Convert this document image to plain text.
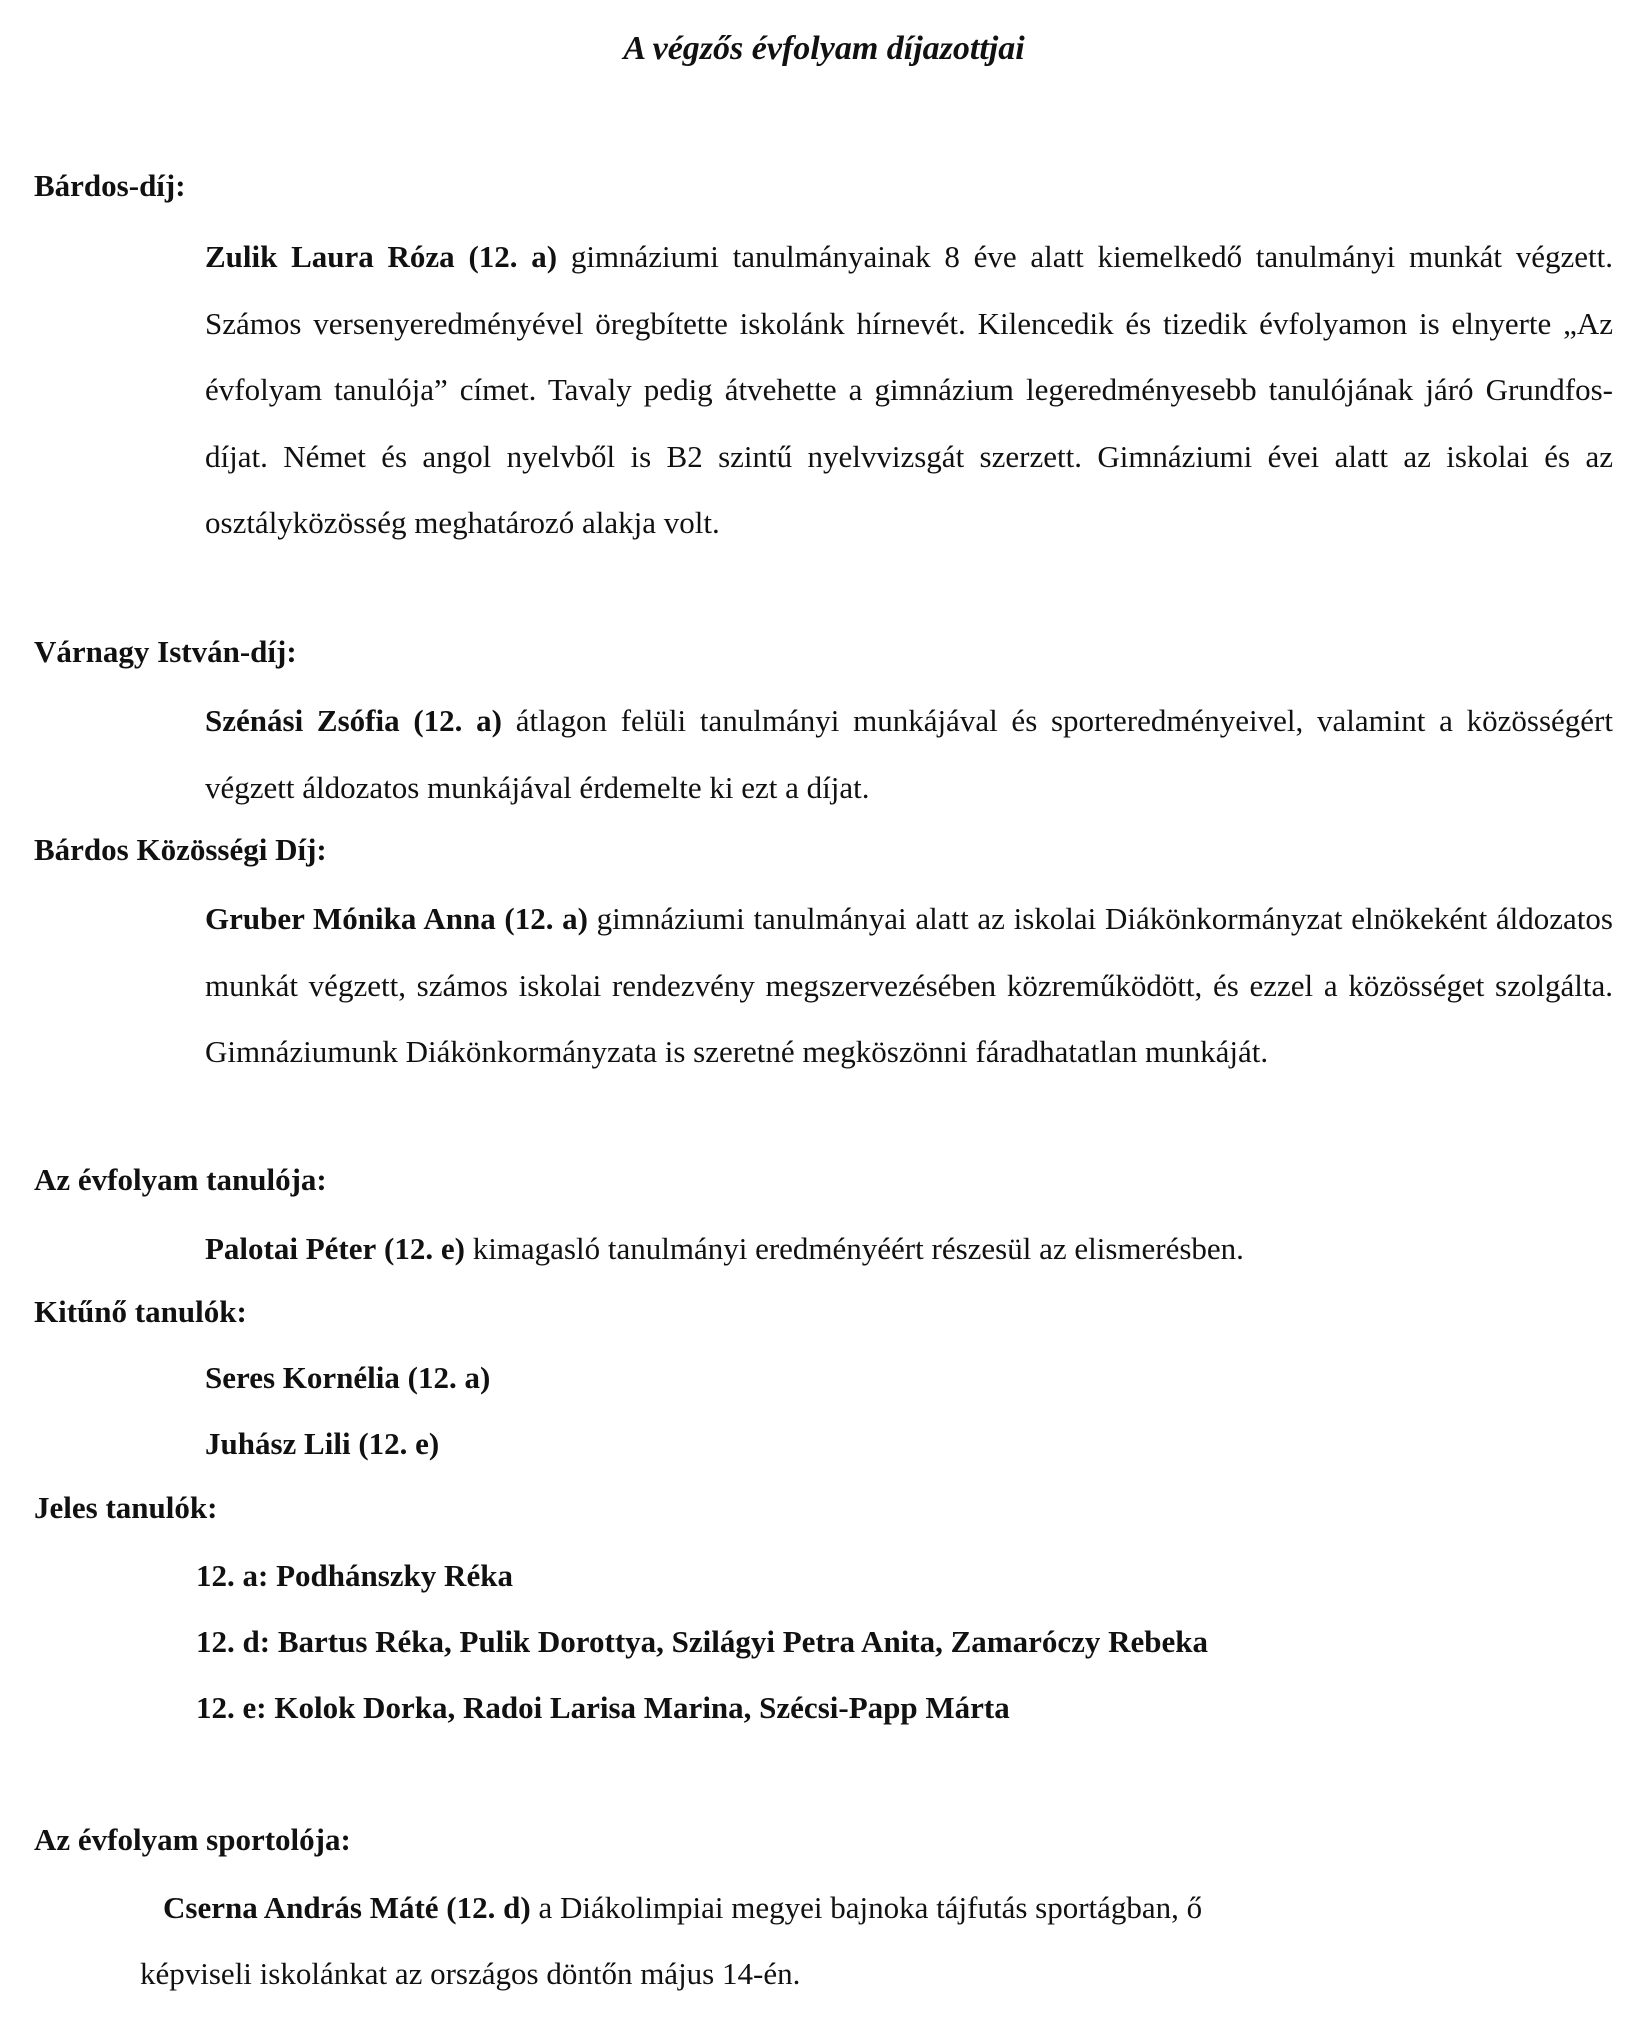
A végzős évfolyam díjazottjai
Bárdos-díj:
Zulik Laura Róza (12. a) gimnáziumi tanulmányainak 8 éve alatt kiemelkedő tanulmányi munkát végzett. Számos versenyeredményével öregbítette iskolánk hírnevét. Kilencedik és tizedik évfolyamon is elnyerte „Az évfolyam tanulója” címet. Tavaly pedig átvehette a gimnázium legeredményesebb tanulójának járó Grundfos-díjat. Német és angol nyelvből is B2 szintű nyelvvizsgát szerzett. Gimnáziumi évei alatt az iskolai és az osztályközösség meghatározó alakja volt.
Várnagy István-díj:
Szénási Zsófia (12. a) átlagon felüli tanulmányi munkájával és sporteredményeivel, valamint a közösségért végzett áldozatos munkájával érdemelte ki ezt a díjat.
Bárdos Közösségi Díj:
Gruber Mónika Anna (12. a) gimnáziumi tanulmányai alatt az iskolai Diákönkormányzat elnökeként áldozatos munkát végzett, számos iskolai rendezvény megszervezésében közreműködött, és ezzel a közösséget szolgálta. Gimnáziumunk Diákönkormányzata is szeretné megköszönni fáradhatatlan munkáját.
Az évfolyam tanulója:
Palotai Péter (12. e) kimagasló tanulmányi eredményéért részesül az elismerésben.
Kitűnő tanulók:
Seres Kornélia (12. a)
Juhász Lili (12. e)
Jeles tanulók:
12. a: Podhánszky Réka
12. d: Bartus Réka, Pulik Dorottya, Szilágyi Petra Anita, Zamaróczy Rebeka
12. e: Kolok Dorka, Radoi Larisa Marina, Szécsi-Papp Márta
Az évfolyam sportolója:
Cserna András Máté (12. d) a Diákolimpiai megyei bajnoka tájfutás sportágban, ő
képviseli iskolánkat az országos döntőn május 14-én.
